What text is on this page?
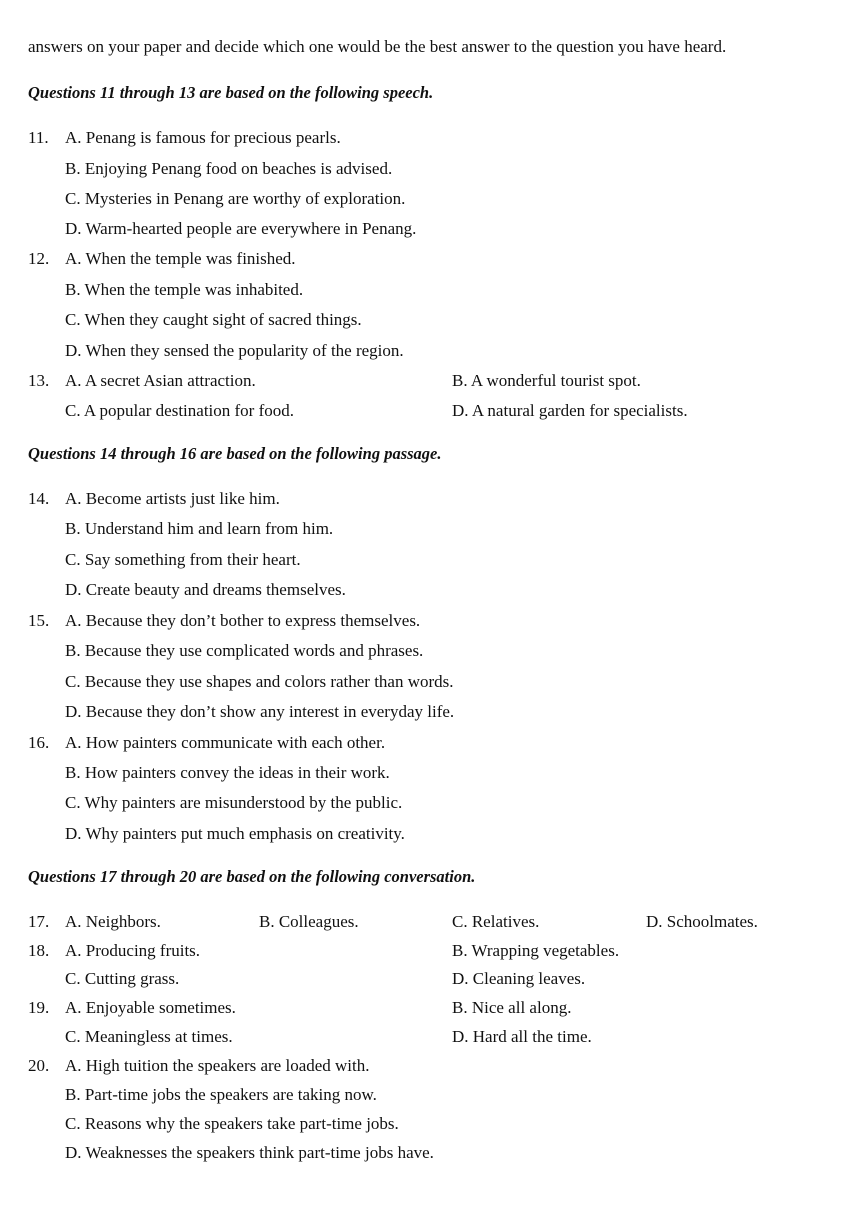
answers on your paper and decide which one would be the best answer to the question you have heard.
Questions 11 through 13 are based on the following speech.
11. A. Penang is famous for precious pearls.
B. Enjoying Penang food on beaches is advised.
C. Mysteries in Penang are worthy of exploration.
D. Warm-hearted people are everywhere in Penang.
12. A. When the temple was finished.
B. When the temple was inhabited.
C. When they caught sight of sacred things.
D. When they sensed the popularity of the region.
13. A. A secret Asian attraction.	B. A wonderful tourist spot.
C. A popular destination for food.	D. A natural garden for specialists.
Questions 14 through 16 are based on the following passage.
14. A. Become artists just like him.
B. Understand him and learn from him.
C. Say something from their heart.
D. Create beauty and dreams themselves.
15. A. Because they don’t bother to express themselves.
B. Because they use complicated words and phrases.
C. Because they use shapes and colors rather than words.
D. Because they don’t show any interest in everyday life.
16. A. How painters communicate with each other.
B. How painters convey the ideas in their work.
C. Why painters are misunderstood by the public.
D. Why painters put much emphasis on creativity.
Questions 17 through 20 are based on the following conversation.
17. A. Neighbors.	B. Colleagues.	C. Relatives.	D. Schoolmates.
18. A. Producing fruits.	B. Wrapping vegetables.
C. Cutting grass.	D. Cleaning leaves.
19. A. Enjoyable sometimes.	B. Nice all along.
C. Meaningless at times.	D. Hard all the time.
20. A. High tuition the speakers are loaded with.
B. Part-time jobs the speakers are taking now.
C. Reasons why the speakers take part-time jobs.
D. Weaknesses the speakers think part-time jobs have.
